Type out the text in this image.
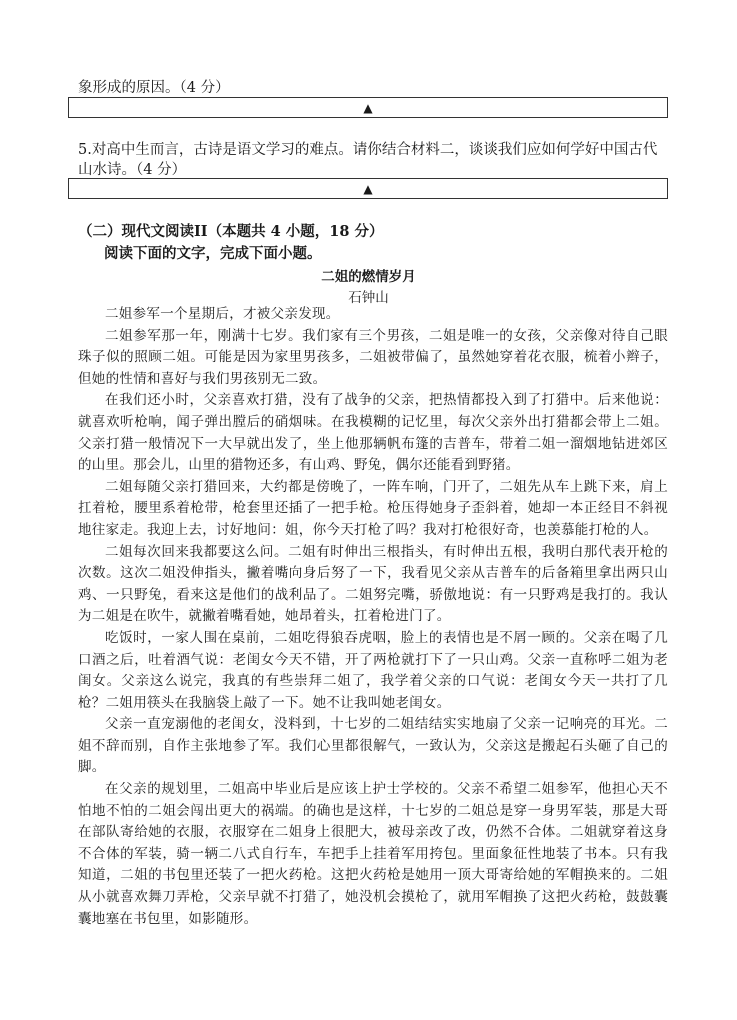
象形成的原因。（4 分）
▲
5.对高中生而言，古诗是语文学习的难点。请你结合材料二，谈谈我们应如何学好中国古代
山水诗。（4 分）
▲
（二）现代文阅读II（本题共 4 小题，18 分）
阅读下面的文字，完成下面小题。
二姐的燃情岁月
石钟山

二姐参军一个星期后，才被父亲发现。

二姐参军那一年，刚满十七岁。我们家有三个男孩，二姐是唯一的女孩，父亲像对待自己眼珠子似的照顾二姐。可能是因为家里男孩多，二姐被带偏了，虽然她穿着花衣服，梳着小辫子，但她的性情和喜好与我们男孩别无二致。

在我们还小时，父亲喜欢打猎，没有了战争的父亲，把热情都投入到了打猎中。后来他说：就喜欢听枪响，闻子弹出膛后的硝烟味。在我模糊的记忆里，每次父亲外出打猎都会带上二姐。父亲打猎一般情况下一大早就出发了，坐上他那辆帆布篷的吉普车，带着二姐一溜烟地钻进郊区的山里。那会儿，山里的猎物还多，有山鸡、野兔，偶尔还能看到野猪。

二姐每随父亲打猎回来，大约都是傍晚了，一阵车响，门开了，二姐先从车上跳下来，肩上扛着枪，腰里系着枪带，枪套里还插了一把手枪。枪压得她身子歪斜着，她却一本正经目不斜视地往家走。我迎上去，讨好地问：姐，你今天打枪了吗？我对打枪很好奇，也羡慕能打枪的人。

二姐每次回来我都要这么问。二姐有时伸出三根指头，有时伸出五根，我明白那代表开枪的次数。这次二姐没伸指头，撇着嘴向身后努了一下，我看见父亲从吉普车的后备箱里拿出两只山鸡、一只野兔，看来这是他们的战利品了。二姐努完嘴，骄傲地说：有一只野鸡是我打的。我认为二姐是在吹牛，就撇着嘴看她，她昂着头，扛着枪进门了。

吃饭时，一家人围在桌前，二姐吃得狼吞虎咽，脸上的表情也是不屑一顾的。父亲在喝了几口酒之后，吐着酒气说：老闺女今天不错，开了两枪就打下了一只山鸡。父亲一直称呼二姐为老闺女。父亲这么说完，我真的有些崇拜二姐了，我学着父亲的口气说：老闺女今天一共打了几枪？二姐用筷头在我脑袋上敲了一下。她不让我叫她老闺女。

父亲一直宠溺他的老闺女，没料到，十七岁的二姐结结实实地扇了父亲一记响亮的耳光。二姐不辞而别，自作主张地参了军。我们心里都很解气，一致认为，父亲这是搬起石头砸了自己的脚。

在父亲的规划里，二姐高中毕业后是应该上护士学校的。父亲不希望二姐参军，他担心天不怕地不怕的二姐会闯出更大的祸端。的确也是这样，十七岁的二姐总是穿一身男军装，那是大哥在部队寄给她的衣服，衣服穿在二姐身上很肥大，被母亲改了改，仍然不合体。二姐就穿着这身不合体的军装，骑一辆二八式自行车，车把手上挂着军用挎包。里面象征性地装了书本。只有我知道，二姐的书包里还装了一把火药枪。这把火药枪是她用一顶大哥寄给她的军帽换来的。二姐从小就喜欢舞刀弄枪，父亲早就不打猎了，她没机会摸枪了，就用军帽换了这把火药枪，鼓鼓囊囊地塞在书包里，如影随形。
